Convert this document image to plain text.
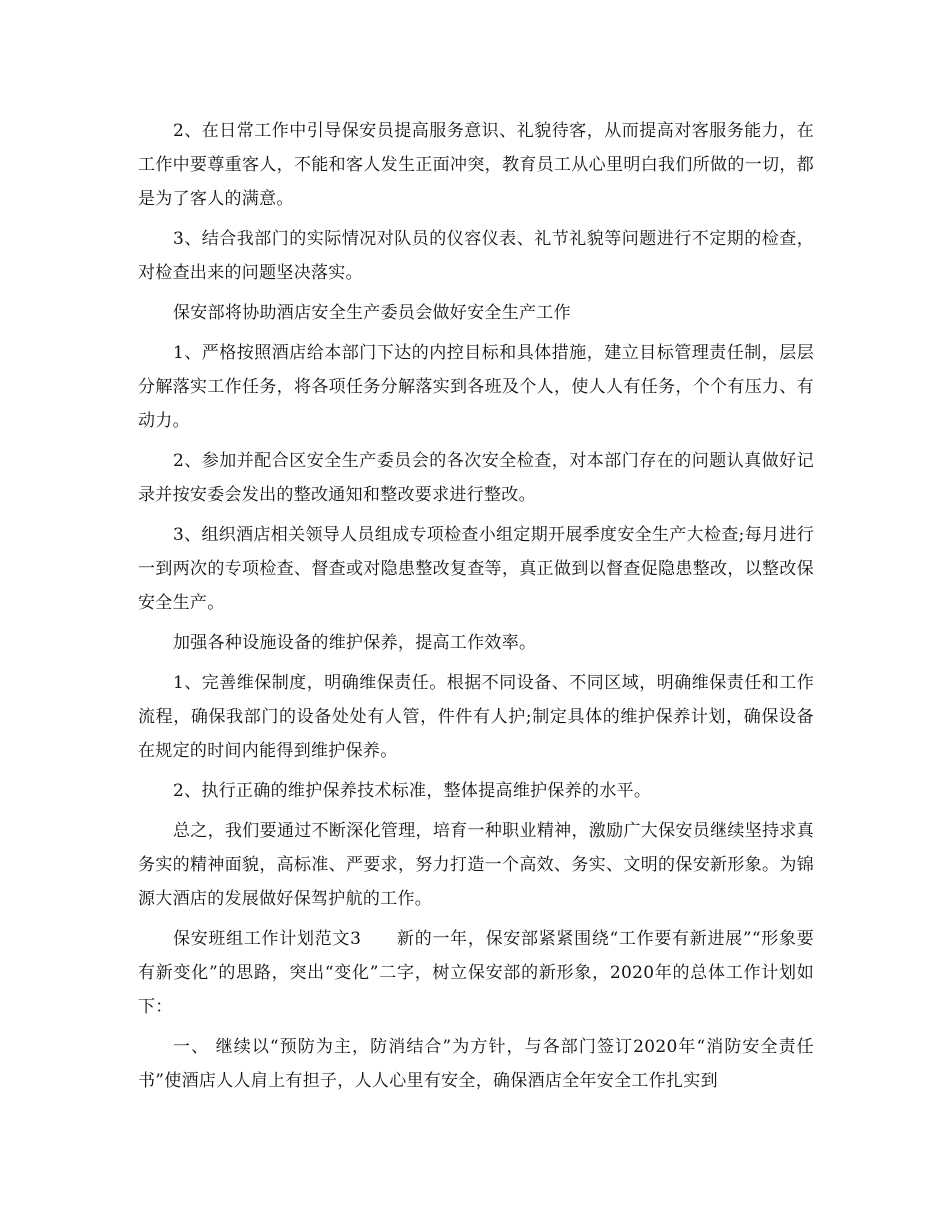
2、在日常工作中引导保安员提高服务意识、礼貌待客，从而提高对客服务能力，在工作中要尊重客人，不能和客人发生正面冲突，教育员工从心里明白我们所做的一切，都是为了客人的满意。

3、结合我部门的实际情况对队员的仪容仪表、礼节礼貌等问题进行不定期的检查，对检查出来的问题坚决落实。

保安部将协助酒店安全生产委员会做好安全生产工作

1、严格按照酒店给本部门下达的内控目标和具体措施，建立目标管理责任制，层层分解落实工作任务，将各项任务分解落实到各班及个人，使人人有任务，个个有压力、有动力。

2、参加并配合区安全生产委员会的各次安全检查，对本部门存在的问题认真做好记录并按安委会发出的整改通知和整改要求进行整改。

3、组织酒店相关领导人员组成专项检查小组定期开展季度安全生产大检查;每月进行一到两次的专项检查、督查或对隐患整改复查等，真正做到以督查促隐患整改，以整改保安全生产。

加强各种设施设备的维护保养，提高工作效率。

1、完善维保制度，明确维保责任。根据不同设备、不同区域，明确维保责任和工作流程，确保我部门的设备处处有人管，件件有人护;制定具体的维护保养计划，确保设备在规定的时间内能得到维护保养。

2、执行正确的维护保养技术标准，整体提高维护保养的水平。

总之，我们要通过不断深化管理，培育一种职业精神，激励广大保安员继续坚持求真务实的精神面貌，高标准、严要求，努力打造一个高效、务实、文明的保安新形象。为锦源大酒店的发展做好保驾护航的工作。

保安班组工作计划范文3　　新的一年，保安部紧紧围绕“工作要有新进展”“形象要有新变化”的思路，突出“变化”二字，树立保安部的新形象，2020年的总体工作计划如下：

一、 继续以“预防为主，防消结合”为方针，与各部门签订2020年“消防安全责任书”使酒店人人肩上有担子，人人心里有安全，确保酒店全年安全工作扎实到
